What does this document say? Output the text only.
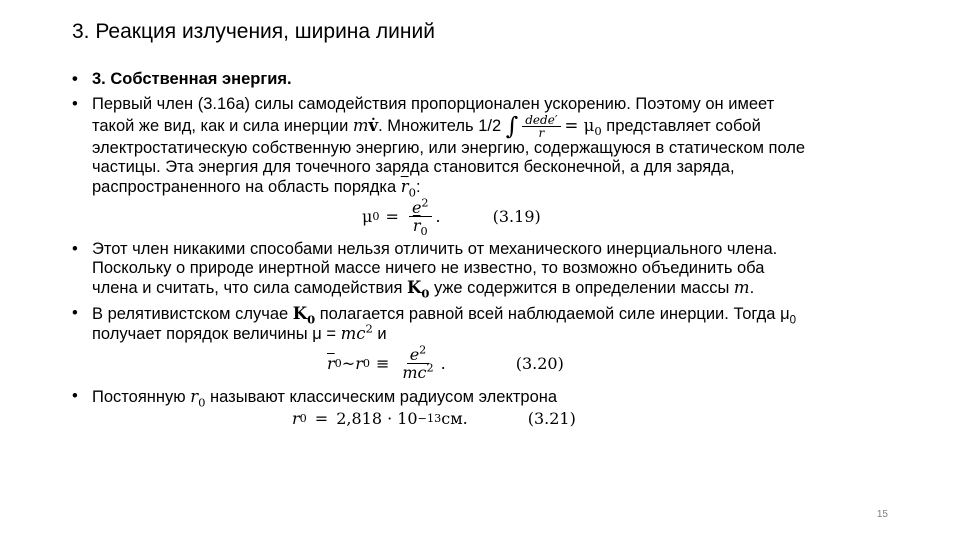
3. Реакция излучения, ширина линий
• 3. Собственная энергия.
• Первый член (3.16а) силы самодействия пропорционален ускорению. Поэтому он имеет такой же вид, как и сила инерции mv̇. Множитель 1/2 ∫ $\frac{\text{dede′}}{r} = \mu_0$ представляет собой электростатическую собственную энергию, или энергию, содержащуюся в статическом поле частицы. Эта энергия для точечного заряда становится бесконечной, а для заряда, распространенного на область порядка $\overline{r}_0$:
μ $0 = \frac{e^2}{\overline{r}_0}$ .	(3.19)
• Этот член никакими способами нельзя отличить от механического инерциального члена. Поскольку о природе инертной массе ничего не известно, то возможно объединить оба члена и считать, что сила самодействия $K_0$ уже содержится в определении массы m.
• В релятивистском случае $K_0$ полагается равной всей наблюдаемой силе инерции. Тогда $\mu_0$ получает порядок величины $\mu = mc^2$ и
$\overline{r}$ 0 ~ r $0 \equiv \frac{e^2}{mc^2}$ .	(3.20)
• Постоянную $r_0$ называют классическим радиусом электрона
r 0 = 2,818 · 10 −13 см.	(3.21)
15
